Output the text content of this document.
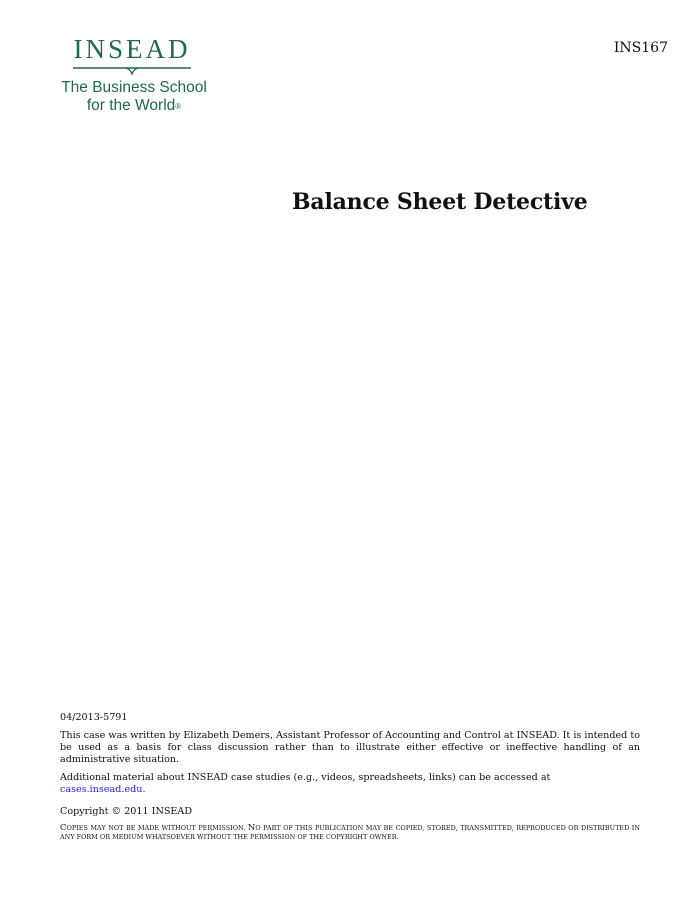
INSEAD
The Business School
for the World®
INS167
Balance Sheet Detective

04/2013-5791

This case was written by Elizabeth Demers, Assistant Professor of Accounting and Control at INSEAD. It is intended to be used as a basis for class discussion rather than to illustrate either effective or ineffective handling of an administrative situation.

Additional material about INSEAD case studies (e.g., videos, spreadsheets, links) can be accessed at
cases.insead.edu.

Copyright © 2011 INSEAD

COPIES MAY NOT BE MADE WITHOUT PERMISSION. NO PART OF THIS PUBLICATION MAY BE COPIED, STORED, TRANSMITTED, REPRODUCED OR DISTRIBUTED IN ANY FORM OR MEDIUM WHATSOEVER WITHOUT THE PERMISSION OF THE COPYRIGHT OWNER.
